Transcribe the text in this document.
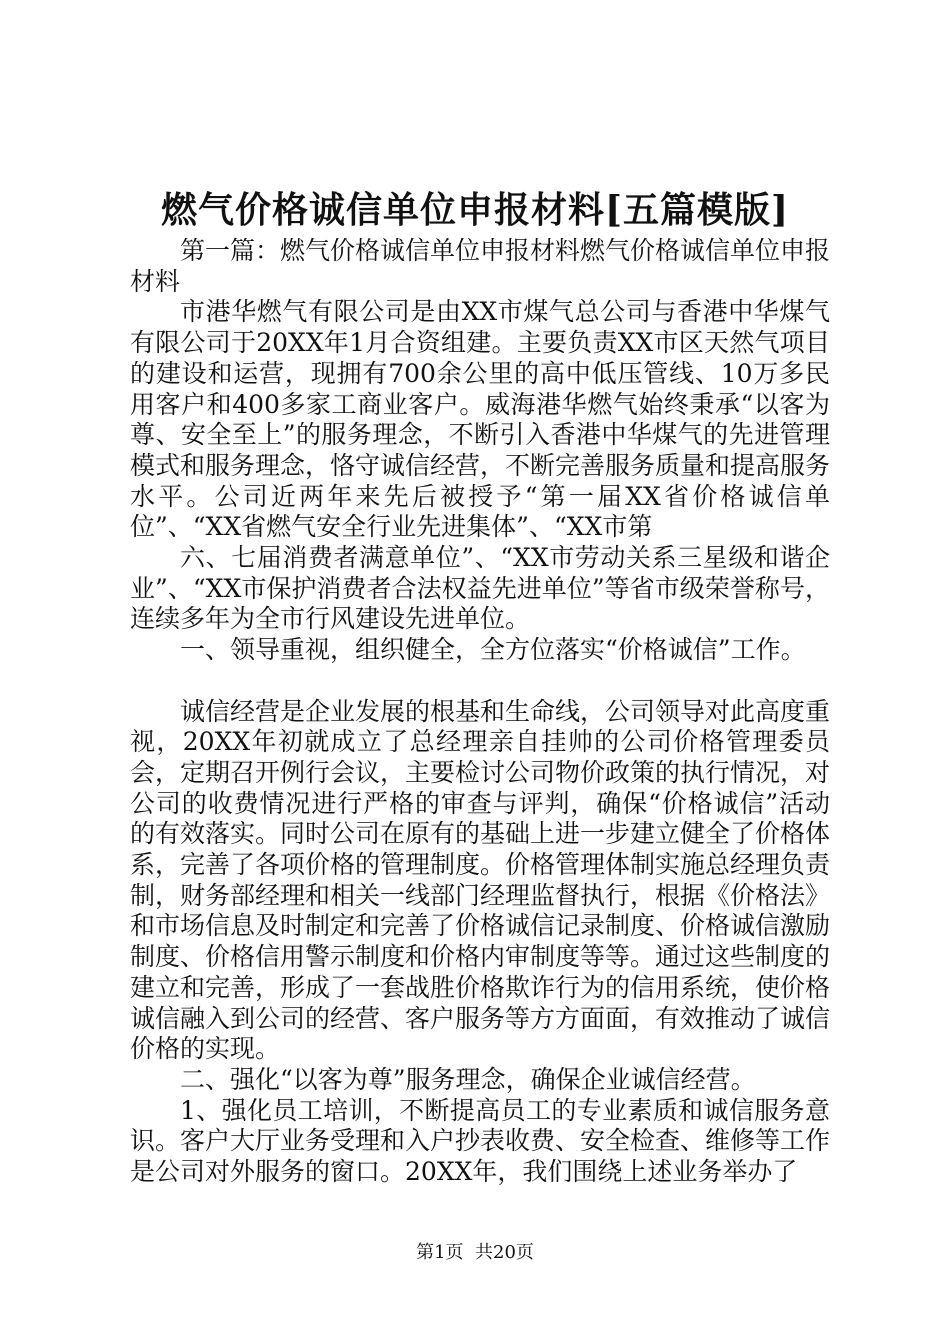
燃气价格诚信单位申报材料[五篇模版]

第一篇：燃气价格诚信单位申报材料燃气价格诚信单位申报材料

市港华燃气有限公司是由XX市煤气总公司与香港中华煤气有限公司于20XX年1月合资组建。主要负责XX市区天然气项目的建设和运营，现拥有700余公里的高中低压管线、10万多民用客户和400多家工商业客户。威海港华燃气始终秉承“以客为尊、安全至上”的服务理念，不断引入香港中华煤气的先进管理模式和服务理念，恪守诚信经营，不断完善服务质量和提高服务水平。公司近两年来先后被授予“第一届XX省价格诚信单位”、“XX省燃气安全行业先进集体”、“XX市第

六、七届消费者满意单位”、“XX市劳动关系三星级和谐企业”、“XX市保护消费者合法权益先进单位”等省市级荣誉称号，连续多年为全市行风建设先进单位。

一、领导重视，组织健全，全方位落实“价格诚信”工作。

诚信经营是企业发展的根基和生命线，公司领导对此高度重视，20XX年初就成立了总经理亲自挂帅的公司价格管理委员会，定期召开例行会议，主要检讨公司物价政策的执行情况，对公司的收费情况进行严格的审查与评判，确保“价格诚信”活动的有效落实。同时公司在原有的基础上进一步建立健全了价格体系，完善了各项价格的管理制度。价格管理体制实施总经理负责制，财务部经理和相关一线部门经理监督执行，根据《价格法》和市场信息及时制定和完善了价格诚信记录制度、价格诚信激励制度、价格信用警示制度和价格内审制度等等。通过这些制度的建立和完善，形成了一套战胜价格欺诈行为的信用系统，使价格诚信融入到公司的经营、客户服务等方方面面，有效推动了诚信价格的实现。

二、强化“以客为尊”服务理念，确保企业诚信经营。

1、强化员工培训，不断提高员工的专业素质和诚信服务意识。客户大厅业务受理和入户抄表收费、安全检查、维修等工作是公司对外服务的窗口。20XX年，我们围绕上述业务举办了

第1页 共20页
